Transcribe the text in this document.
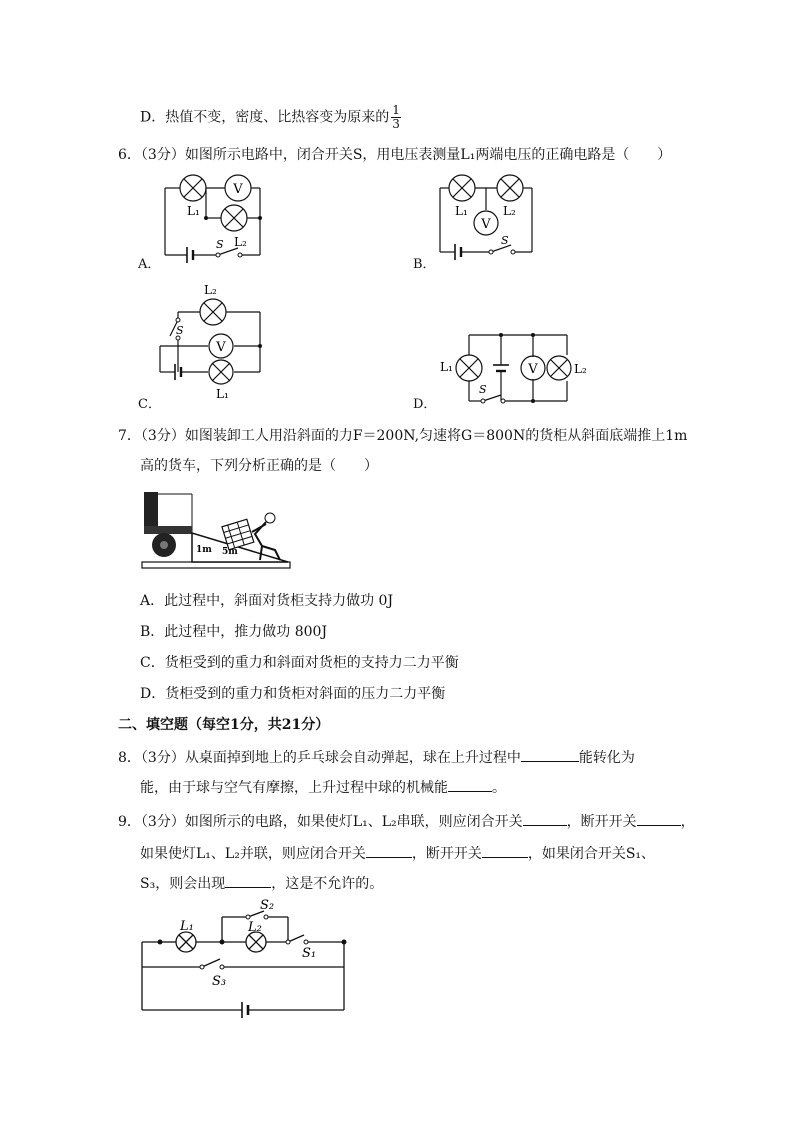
D．热值不变，密度、比热容变为原来的 $\frac{1}{3}$
6．（3分）如图所示电路中，闭合开关S，用电压表测量L₁两端电压的正确电路是（　　）
V
L₁
S L₂
A．
V
L₁	L₂
S
B．
V
L₂
S
L₁
C．
V
L₁	L₂
S
D．
7．（3分）如图装卸工人用沿斜面的力F＝200N,匀速将G＝800N的货柜从斜面底端推上1m
高的货车，下列分析正确的是（　　）
1m 5m
A．此过程中，斜面对货柜支持力做功 0J
B．此过程中，推力做功 800J
C．货柜受到的重力和斜面对货柜的支持力二力平衡
D．货柜受到的重力和货柜对斜面的压力二力平衡
二、填空题（每空1分，共21分）
8．（3分）从桌面掉到地上的乒乓球会自动弹起，球在上升过程中	能转化为
能，由于球与空气有摩擦，上升过程中球的机械能	。
9．（3分）如图所示的电路，如果使灯L₁、L₂串联，则应闭合开关	，断开开关	，
如果使灯L₁、L₂并联，则应闭合开关	，断开开关	，如果闭合开关S₁、
S₃，则会出现	，这是不允许的。
L₁	L₂
S₂
S₁
S₃
